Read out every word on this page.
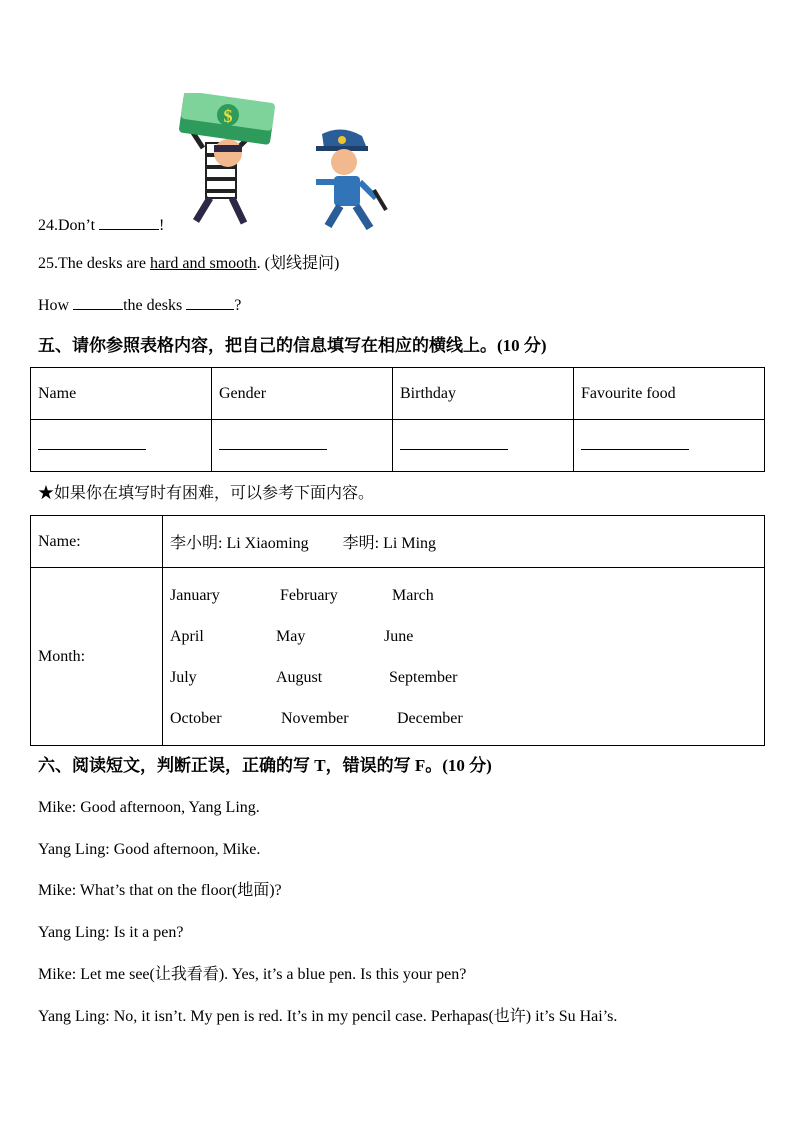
$
24.Don’t	!
25.The desks are hard and smooth. (划线提问)
How	the desks	?
五、请你参照表格内容，把自己的信息填写在相应的横线上。(10 分)
Name	Gender	Birthday	Favourite food

★如果你在填写时有困难，可以参考下面内容。
Name:	李小明: Li Xiaoming 李明: Li Ming
Month:	January February March
April May June
July August September
October November December
六、阅读短文，判断正误，正确的写 T，错误的写 F。(10 分)
Mike: Good afternoon, Yang Ling.
Yang Ling: Good afternoon, Mike.
Mike: What’s that on the floor(地面)?
Yang Ling: Is it a pen?
Mike: Let me see(让我看看). Yes, it’s a blue pen. Is this your pen?
Yang Ling: No, it isn’t. My pen is red. It’s in my pencil case. Perhapas(也许) it’s Su Hai’s.
